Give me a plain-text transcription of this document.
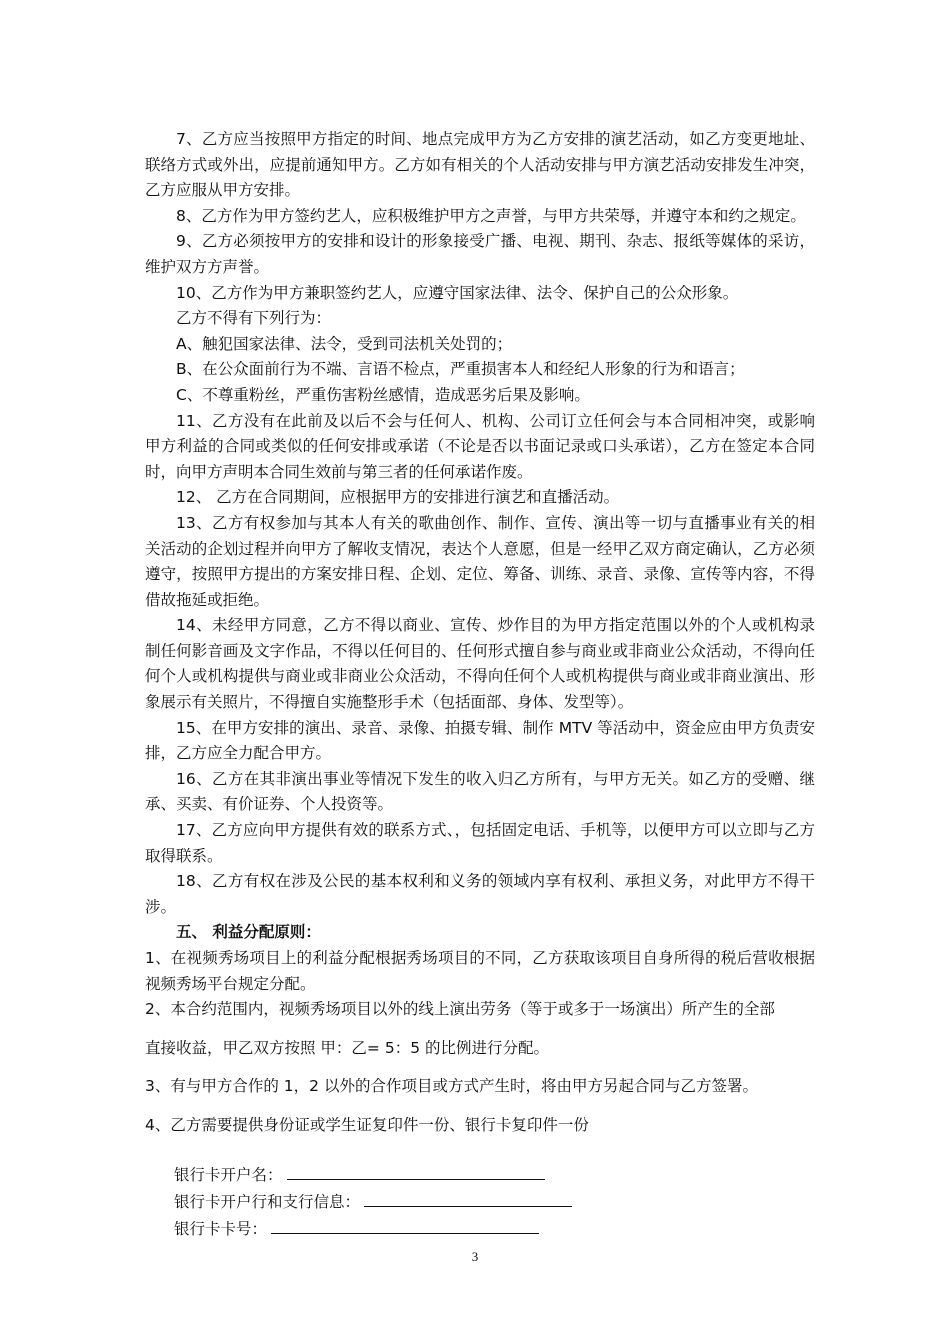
7、乙方应当按照甲方指定的时间、地点完成甲方为乙方安排的演艺活动，如乙方变更地址、联络方式或外出，应提前通知甲方。乙方如有相关的个人活动安排与甲方演艺活动安排发生冲突，乙方应服从甲方安排。

8、乙方作为甲方签约艺人，应积极维护甲方之声誉，与甲方共荣辱，并遵守本和约之规定。

9、乙方必须按甲方的安排和设计的形象接受广播、电视、期刊、杂志、报纸等媒体的采访，维护双方方声誉。

10、乙方作为甲方兼职签约艺人，应遵守国家法律、法令、保护自己的公众形象。

乙方不得有下列行为：

A、触犯国家法律、法令，受到司法机关处罚的；

B、在公众面前行为不端、言语不检点，严重损害本人和经纪人形象的行为和语言；

C、不尊重粉丝，严重伤害粉丝感情，造成恶劣后果及影响。

11、乙方没有在此前及以后不会与任何人、机构、公司订立任何会与本合同相冲突，或影响甲方利益的合同或类似的任何安排或承诺（不论是否以书面记录或口头承诺），乙方在签定本合同时，向甲方声明本合同生效前与第三者的任何承诺作废。

12、 乙方在合同期间，应根据甲方的安排进行演艺和直播活动。

13、乙方有权参加与其本人有关的歌曲创作、制作、宣传、演出等一切与直播事业有关的相关活动的企划过程并向甲方了解收支情况，表达个人意愿，但是一经甲乙双方商定确认，乙方必须遵守，按照甲方提出的方案安排日程、企划、定位、筹备、训练、录音、录像、宣传等内容，不得借故拖延或拒绝。

14、未经甲方同意，乙方不得以商业、宣传、炒作目的为甲方指定范围以外的个人或机构录制任何影音画及文字作品，不得以任何目的、任何形式擅自参与商业或非商业公众活动，不得向任何个人或机构提供与商业或非商业公众活动，不得向任何个人或机构提供与商业或非商业演出、形象展示有关照片，不得擅自实施整形手术（包括面部、身体、发型等）。

15、在甲方安排的演出、录音、录像、拍摄专辑、制作 MTV 等活动中，资金应由甲方负责安排，乙方应全力配合甲方。

16、乙方在其非演出事业等情况下发生的收入归乙方所有，与甲方无关。如乙方的受赠、继承、买卖、有价证券、个人投资等。

17、乙方应向甲方提供有效的联系方式、，包括固定电话、手机等，以便甲方可以立即与乙方取得联系。

18、乙方有权在涉及公民的基本权利和义务的领域内享有权利、承担义务，对此甲方不得干涉。

五、 利益分配原则：

1、在视频秀场项目上的利益分配根据秀场项目的不同，乙方获取该项目自身所得的税后营收根据视频秀场平台规定分配。

2、本合约范围内，视频秀场项目以外的线上演出劳务（等于或多于一场演出）所产生的全部

直接收益，甲乙双方按照 甲：乙= 5：5 的比例进行分配。

3、有与甲方合作的 1，2 以外的合作项目或方式产生时，将由甲方另起合同与乙方签署。

4、乙方需要提供身份证或学生证复印件一份、银行卡复印件一份

银行卡开户名：
银行卡开户行和支行信息：
银行卡卡号：
3
